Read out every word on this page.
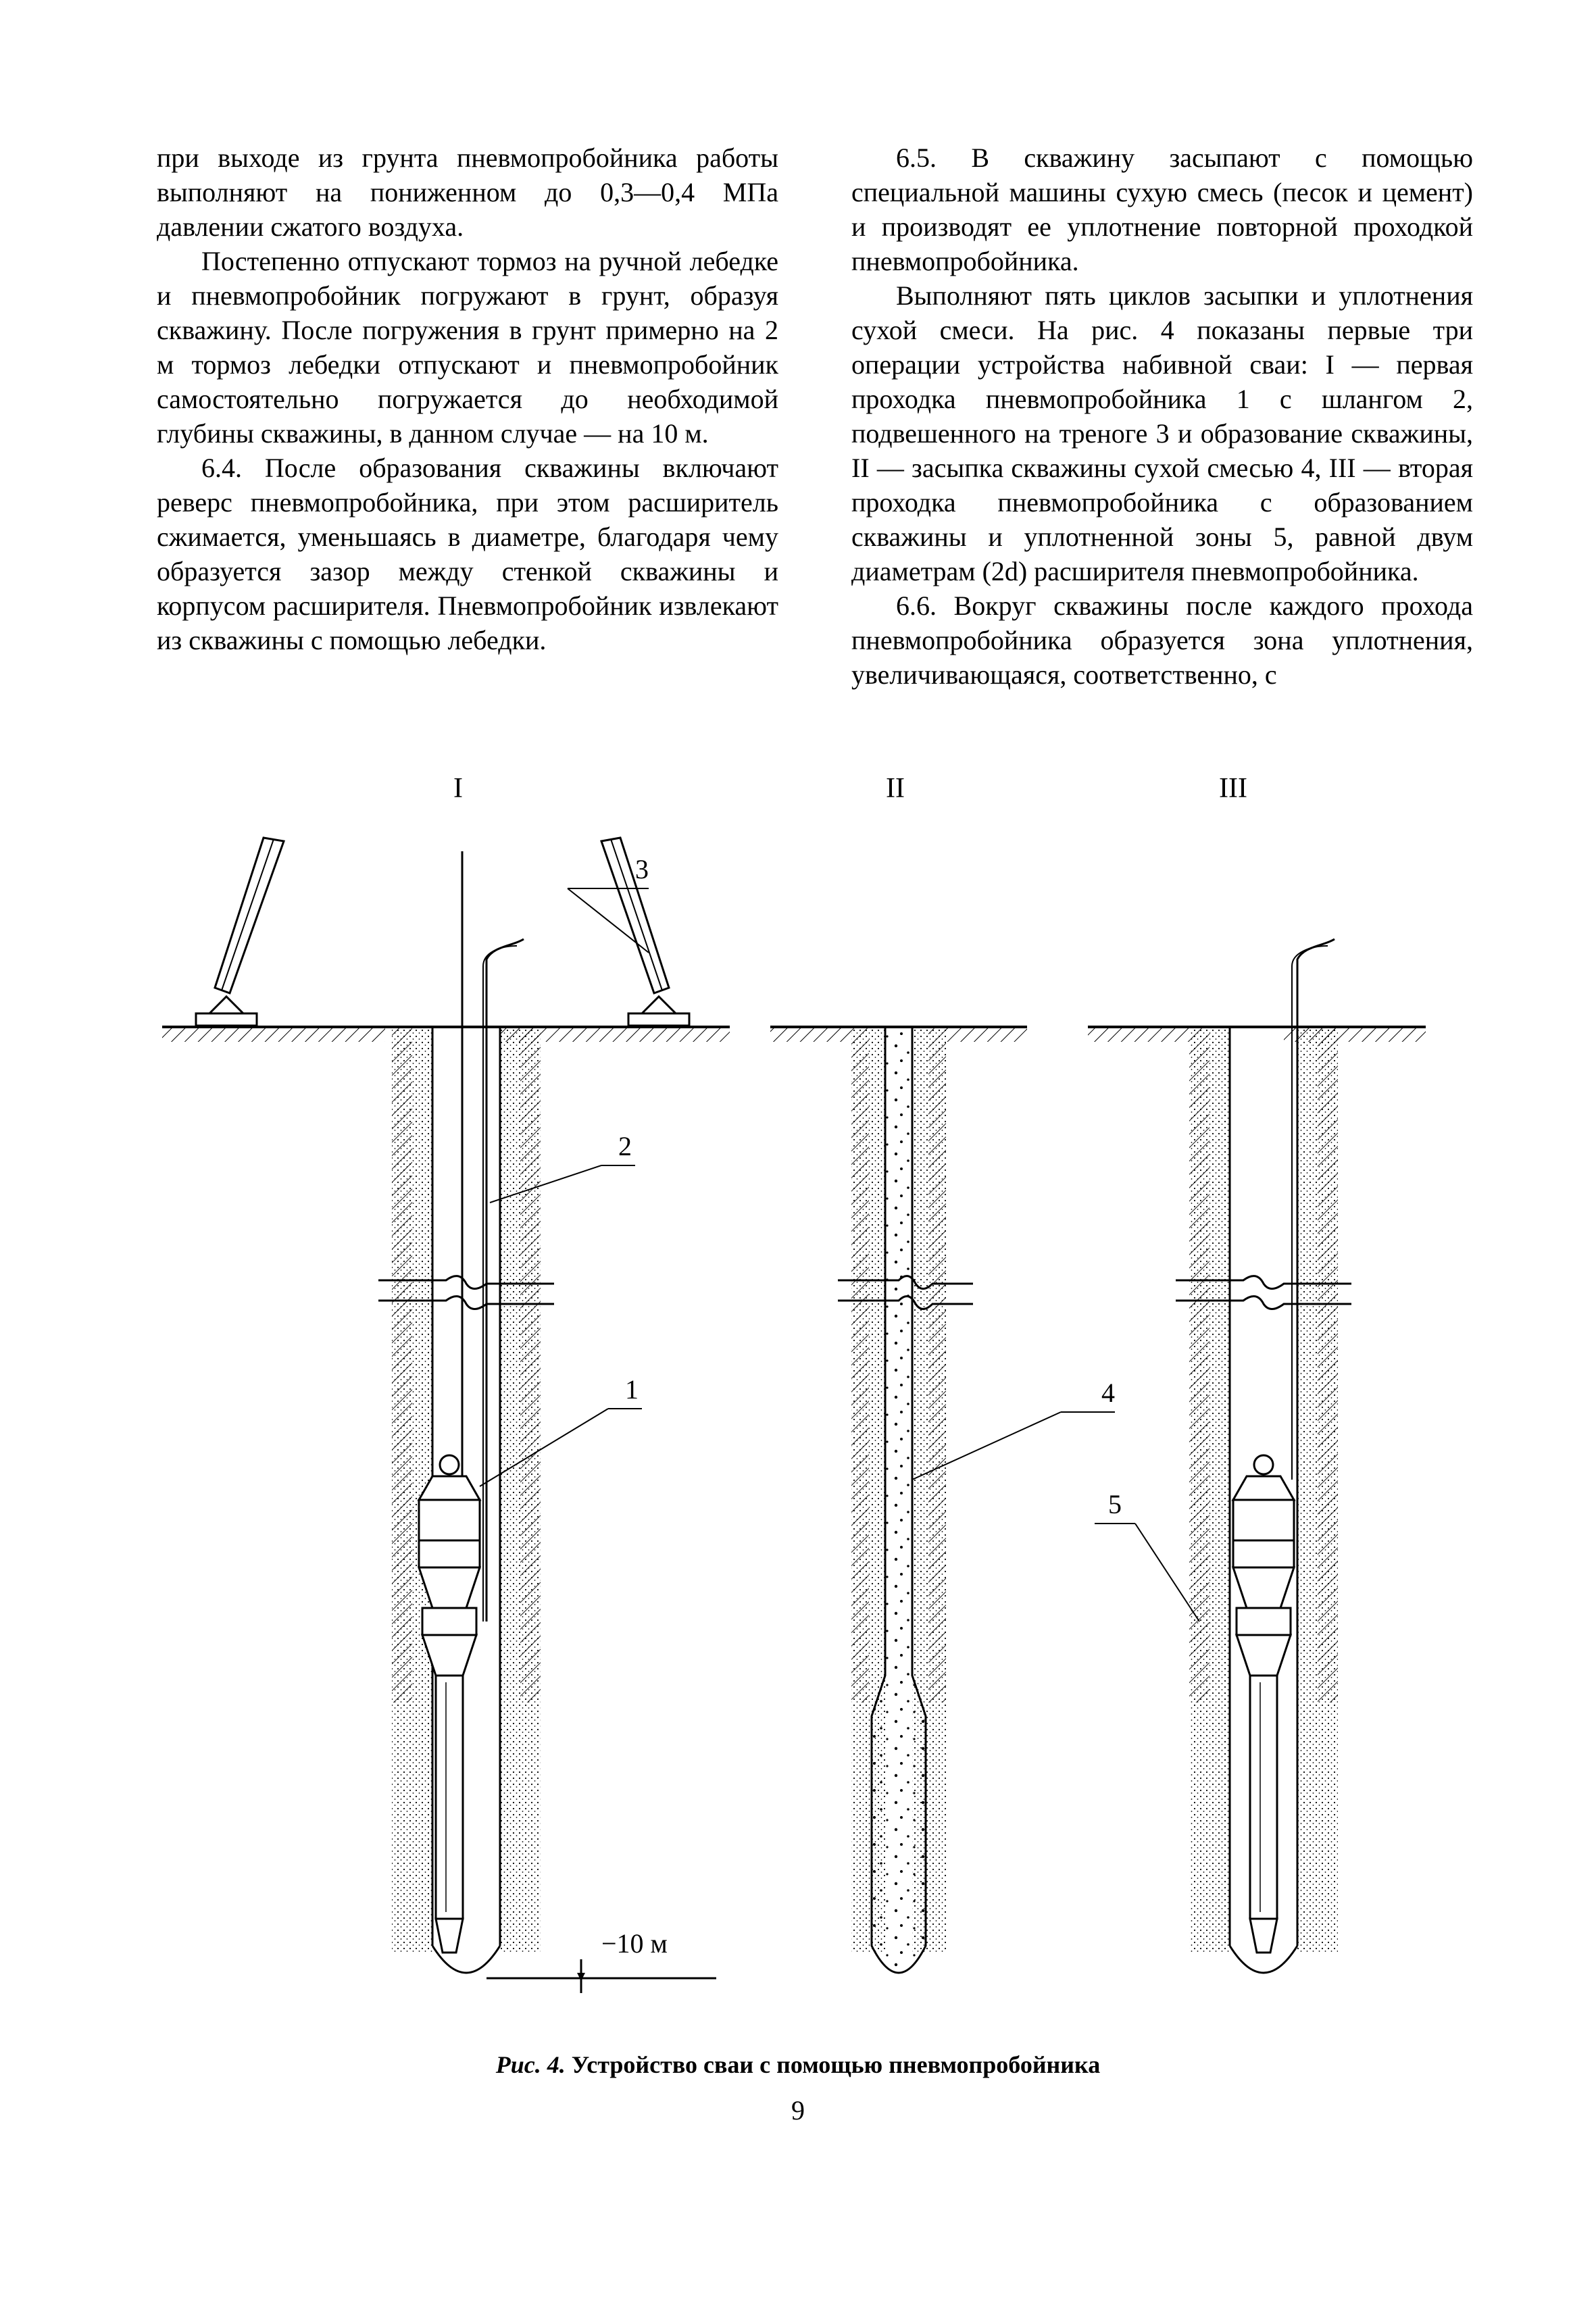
при выходе из грунта пневмопробойника работы выполняют на пониженном до 0,3—0,4 МПа давлении сжатого воздуха.

Постепенно отпускают тормоз на ручной лебедке и пневмопробойник погружают в грунт, образуя скважину. После погружения в грунт примерно на 2 м тормоз лебедки отпускают и пневмопробойник самостоятельно погружается до необходимой глубины скважины, в данном случае — на 10 м.

6.4. После образования скважины включают реверс пневмопробойника, при этом расширитель сжимается, уменьшаясь в диаметре, благодаря чему образуется зазор между стенкой скважины и корпусом расширителя. Пневмопробойник извлекают из скважины с помощью лебедки.

6.5. В скважину засыпают с помощью специальной машины сухую смесь (песок и цемент) и производят ее уплотнение повторной проходкой пневмопробойника.

Выполняют пять циклов засыпки и уплотнения сухой смеси. На рис. 4 показаны первые три операции устройства набивной сваи: I — первая проходка пневмопробойника 1 с шлангом 2, подвешенного на треноге 3 и образование скважины, II — засыпка скважины сухой смесью 4, III — вторая проходка пневмопробойника с образованием скважины и уплотненной зоны 5, равной двум диаметрам (2d) расширителя пневмопробойника.

6.6. Вокруг скважины после каждого прохода пневмопробойника образуется зона уплотнения, увеличивающаяся, соответственно, с

I	II	III
−10 м
3
2
1	4
5
Рис. 4. Устройство сваи с помощью пневмопробойника
9
